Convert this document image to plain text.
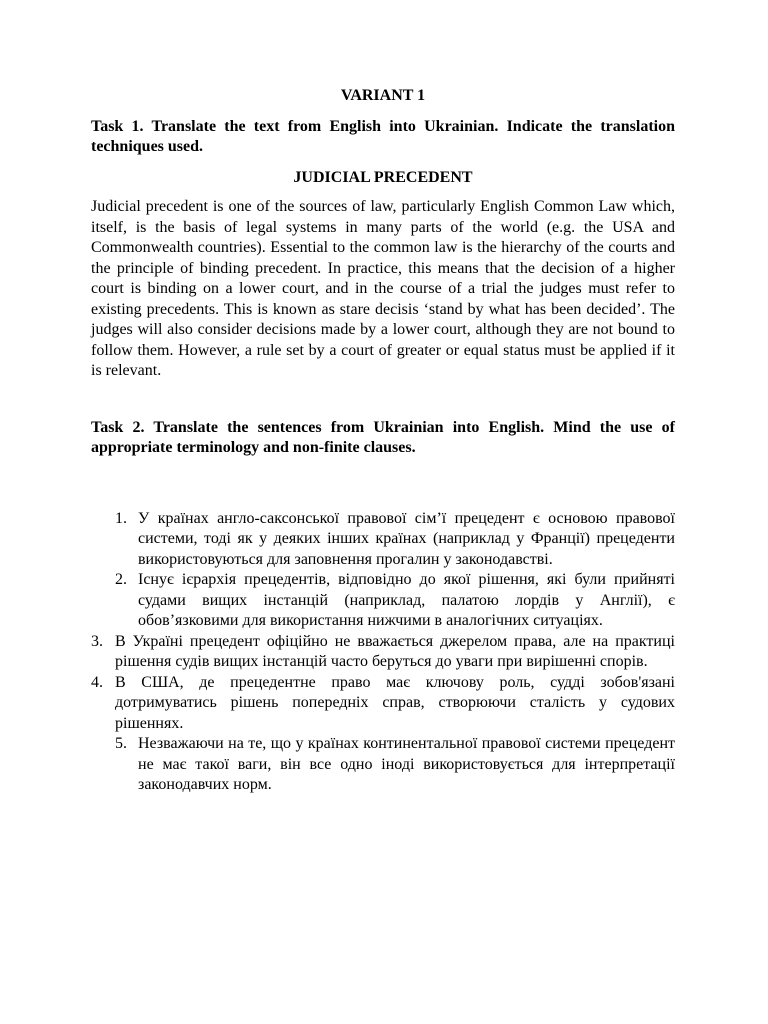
VARIANT 1

Task 1. Translate the text from English into Ukrainian. Indicate the translation techniques used.

JUDICIAL PRECEDENT

Judicial precedent is one of the sources of law, particularly English Common Law which, itself, is the basis of legal systems in many parts of the world (e.g. the USA and Commonwealth countries). Essential to the common law is the hierarchy of the courts and the principle of binding precedent. In practice, this means that the decision of a higher court is binding on a lower court, and in the course of a trial the judges must refer to existing precedents. This is known as stare decisis ‘stand by what has been decided’. The judges will also consider decisions made by a lower court, although they are not bound to follow them. However, a rule set by a court of greater or equal status must be applied if it is relevant.

Task 2. Translate the sentences from Ukrainian into English. Mind the use of appropriate terminology and non-finite clauses.

1. У країнах англо-саксонської правової сім’ї прецедент є основою правової системи, тоді як у деяких інших країнах (наприклад у Франції) прецеденти використовуються для заповнення прогалин у законодавстві.
2. Існує ієрархія прецедентів, відповідно до якої рішення, які були прийняті судами вищих інстанцій (наприклад, палатою лордів у Англії), є обов’язковими для використання нижчими в аналогічних ситуаціях.
3. В Україні прецедент офіційно не вважається джерелом права, але на практиці рішення судів вищих інстанцій часто беруться до уваги при вирішенні спорів.
4. В США, де прецедентне право має ключову роль, судді зобов'язані дотримуватись рішень попередніх справ, створюючи сталість у судових рішеннях.
5. Незважаючи на те, що у країнах континентальної правової системи прецедент не має такої ваги, він все одно іноді використовується для інтерпретації законодавчих норм.
